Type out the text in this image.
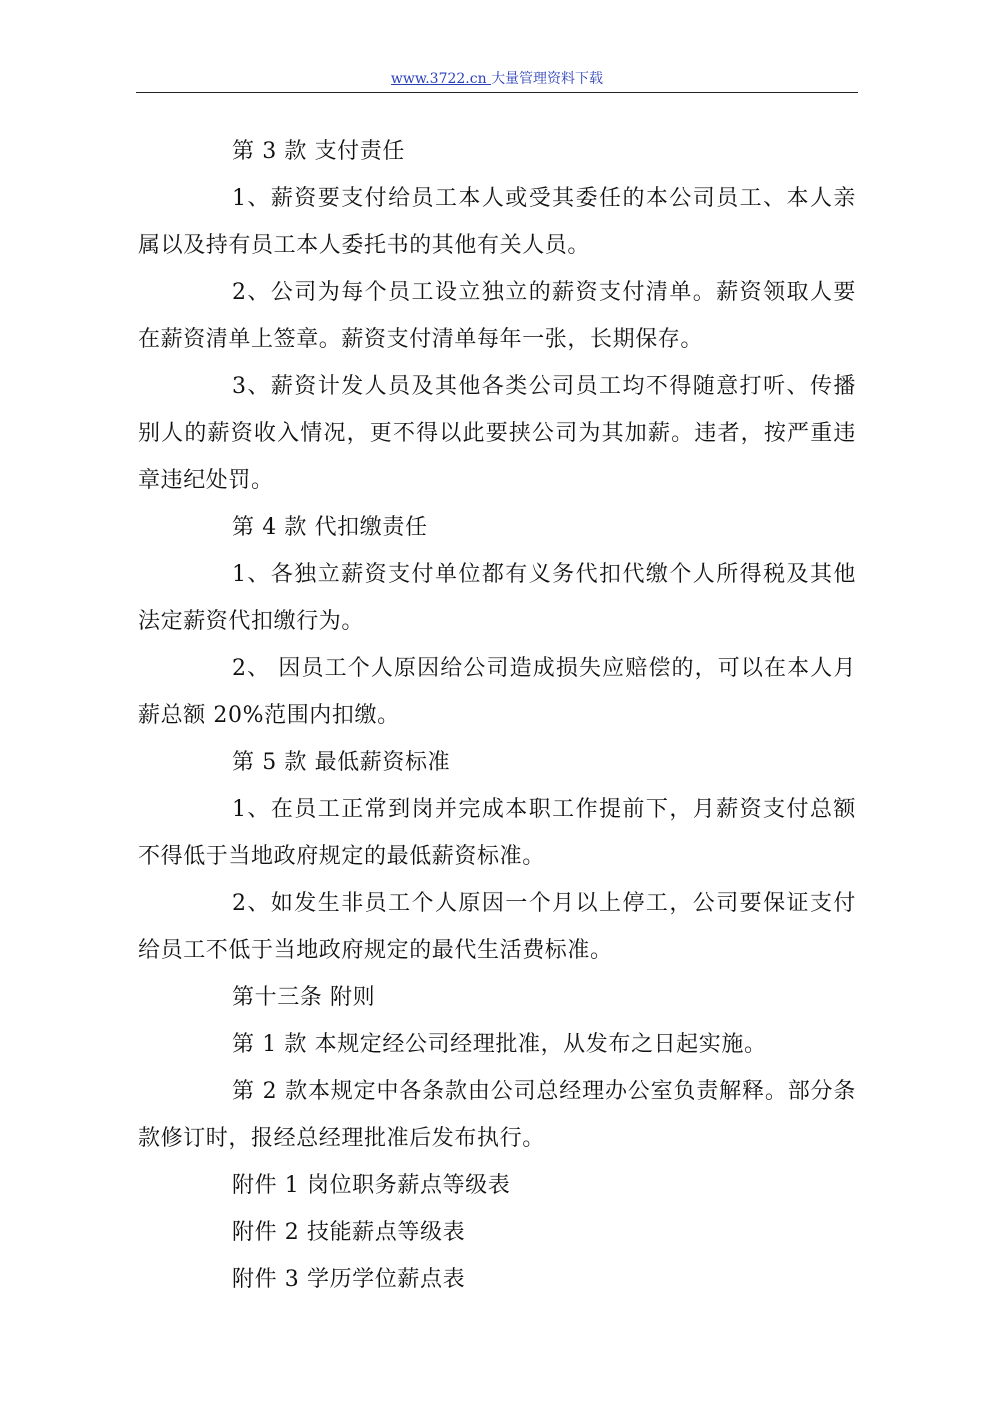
www.3722.cn 大量管理资料下载

第 3 款 支付责任

1、薪资要支付给员工本人或受其委任的本公司员工、本人亲属以及持有员工本人委托书的其他有关人员。

2、公司为每个员工设立独立的薪资支付清单。薪资领取人要在薪资清单上签章。薪资支付清单每年一张，长期保存。

3、薪资计发人员及其他各类公司员工均不得随意打听、传播别人的薪资收入情况，更不得以此要挟公司为其加薪。违者，按严重违章违纪处罚。

第 4 款 代扣缴责任

1、各独立薪资支付单位都有义务代扣代缴个人所得税及其他法定薪资代扣缴行为。

2、 因员工个人原因给公司造成损失应赔偿的，可以在本人月薪总额 20%范围内扣缴。

第 5 款 最低薪资标准

1、在员工正常到岗并完成本职工作提前下，月薪资支付总额不得低于当地政府规定的最低薪资标准。

2、如发生非员工个人原因一个月以上停工，公司要保证支付给员工不低于当地政府规定的最代生活费标准。

第十三条 附则

第 1 款 本规定经公司经理批准，从发布之日起实施。

第 2 款本规定中各条款由公司总经理办公室负责解释。部分条款修订时，报经总经理批准后发布执行。

附件 1 岗位职务薪点等级表

附件 2 技能薪点等级表

附件 3 学历学位薪点表
